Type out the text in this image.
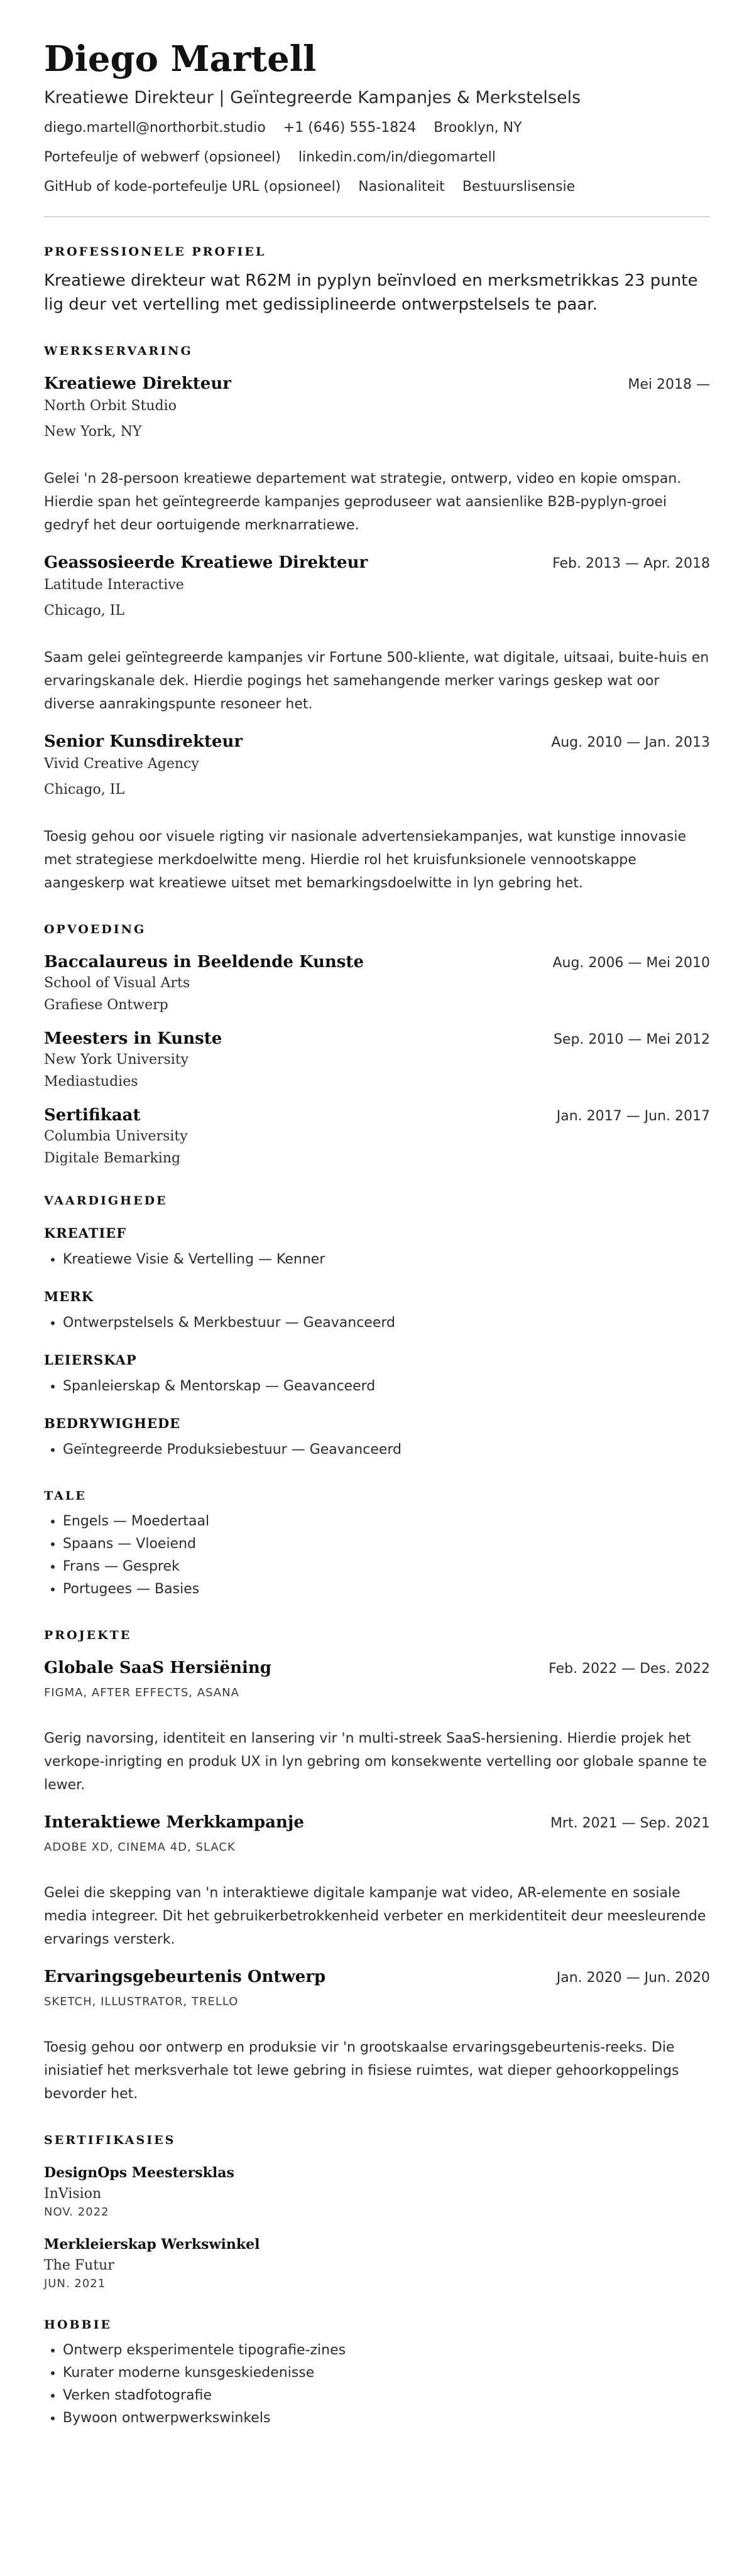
Diego Martell
Kreatiewe Direkteur | Geïntegreerde Kampanjes & Merkstelsels
diego.martell@northorbit.studio +1 (646) 555-1824 Brooklyn, NY
Portefeulje of webwerf (opsioneel) linkedin.com/in/diegomartell
GitHub of kode-portefeulje URL (opsioneel) Nasionaliteit Bestuurslisensie
PROFESSIONELE PROFIEL
Kreatiewe direkteur wat R62M in pyplyn beïnvloed en merksmetrikkas 23 punte lig deur vet vertelling met gedissiplineerde ontwerpstelsels te paar.
WERKSERVARING
Kreatiewe Direkteur	Mei 2018 —
North Orbit Studio
New York, NY
Gelei 'n 28-persoon kreatiewe departement wat strategie, ontwerp, video en kopie omspan. Hierdie span het geïntegreerde kampanjes geproduseer wat aansienlike B2B-pyplyn-groei gedryf het deur oortuigende merknarratiewe.
Geassosieerde Kreatiewe Direkteur	Feb. 2013 — Apr. 2018
Latitude Interactive
Chicago, IL
Saam gelei geïntegreerde kampanjes vir Fortune 500-kliente, wat digitale, uitsaai, buite-huis en ervaringskanale dek. Hierdie pogings het samehangende merker varings geskep wat oor diverse aanrakingspunte resoneer het.
Senior Kunsdirekteur	Aug. 2010 — Jan. 2013
Vivid Creative Agency
Chicago, IL
Toesig gehou oor visuele rigting vir nasionale advertensiekampanjes, wat kunstige innovasie met strategiese merkdoelwitte meng. Hierdie rol het kruisfunksionele vennootskappe aangeskerp wat kreatiewe uitset met bemarkingsdoelwitte in lyn gebring het.
OPVOEDING
Baccalaureus in Beeldende Kunste	Aug. 2006 — Mei 2010
School of Visual Arts
Grafiese Ontwerp
Meesters in Kunste	Sep. 2010 — Mei 2012
New York University
Mediastudies
Sertifikaat	Jan. 2017 — Jun. 2017
Columbia University
Digitale Bemarking
VAARDIGHEDE
KREATIEF
• Kreatiewe Visie & Vertelling — Kenner
MERK
• Ontwerpstelsels & Merkbestuur — Geavanceerd
LEIERSKAP
• Spanleierskap & Mentorskap — Geavanceerd
BEDRYWIGHEDE
• Geïntegreerde Produksiebestuur — Geavanceerd
TALE
• Engels — Moedertaal
• Spaans — Vloeiend
• Frans — Gesprek
• Portugees — Basies
PROJEKTE
Globale SaaS Hersiëning	Feb. 2022 — Des. 2022
FIGMA, AFTER EFFECTS, ASANA
Gerig navorsing, identiteit en lansering vir 'n multi-streek SaaS-hersiening. Hierdie projek het verkope-inrigting en produk UX in lyn gebring om konsekwente vertelling oor globale spanne te lewer.
Interaktiewe Merkkampanje	Mrt. 2021 — Sep. 2021
ADOBE XD, CINEMA 4D, SLACK
Gelei die skepping van 'n interaktiewe digitale kampanje wat video, AR-elemente en sosiale media integreer. Dit het gebruikerbetrokkenheid verbeter en merkidentiteit deur meesleurende ervarings versterk.
Ervaringsgebeurtenis Ontwerp	Jan. 2020 — Jun. 2020
SKETCH, ILLUSTRATOR, TRELLO
Toesig gehou oor ontwerp en produksie vir 'n grootskaalse ervaringsgebeurtenis-reeks. Die inisiatief het merksverhale tot lewe gebring in fisiese ruimtes, wat dieper gehoorkoppelings bevorder het.
SERTIFIKASIES
DesignOps Meestersklas
InVision
NOV. 2022
Merkleierskap Werkswinkel
The Futur
JUN. 2021
HOBBIE
• Ontwerp eksperimentele tipografie-zines
• Kurater moderne kunsgeskiedenisse
• Verken stadfotografie
• Bywoon ontwerpwerkswinkels
